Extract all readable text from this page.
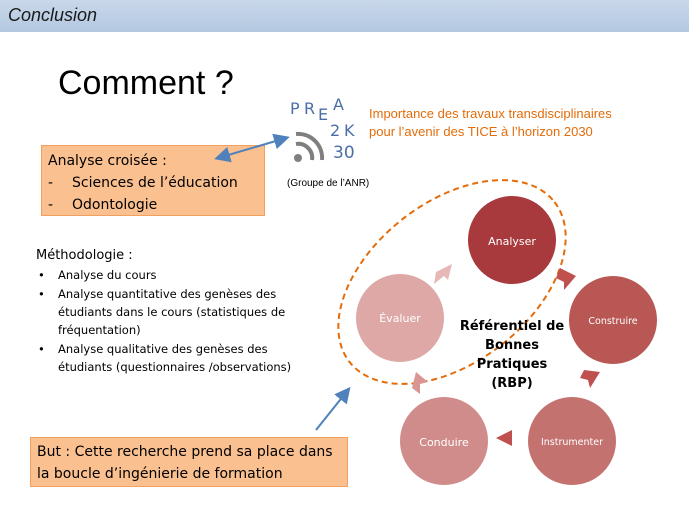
Conclusion
Comment ?
Analyse croisée :
- Sciences de l’éducation
- Odontologie
P R E
A
2 K
30
Importance des travaux transdisciplinaires
pour l’avenir des TICE à l’horizon 2030
(Groupe de l’ANR)
Méthodologie :
• Analyse du cours
• Analyse quantitative des genèses des étudiants dans le cours (statistiques de fréquentation)
• Analyse qualitative des genèses des étudiants (questionnaires /observations)
But : Cette recherche prend sa place dans
la boucle d’ingénierie de formation
Analyser
Construire
Instrumenter
Conduire
Évaluer
Référentiel de
Bonnes
Pratiques
(RBP)
